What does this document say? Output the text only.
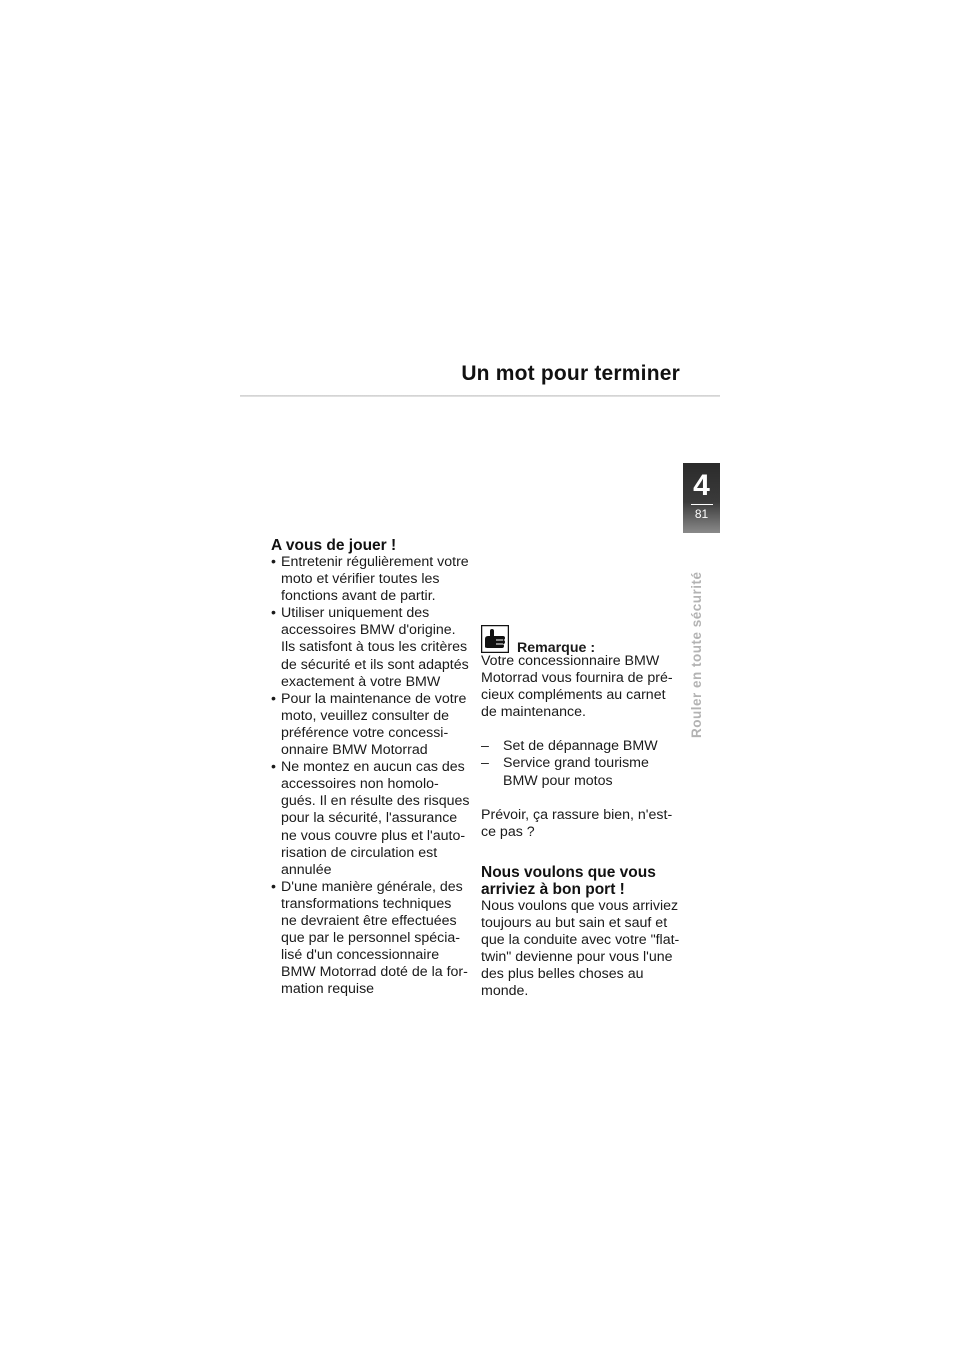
Un mot pour terminer
4
81
Rouler en toute sécurité
A vous de jouer !
• Entretenir régulièrement votre moto et vérifier toutes les fonctions avant de partir.
• Utiliser uniquement des accessoires BMW d'origine. Ils satisfont à tous les critères de sécurité et ils sont adaptés exactement à votre BMW
• Pour la maintenance de votre moto, veuillez consulter de préférence votre concessi-onnaire BMW Motorrad
• Ne montez en aucun cas des accessoires non homolo-gués. Il en résulte des risques pour la sécurité, l'assurance ne vous couvre plus et l'auto-risation de circulation est annulée
• D'une manière générale, des transformations techniques ne devraient être effectuées que par le personnel spécia-lisé d'un concessionnaire BMW Motorrad doté de la for-mation requise
Remarque :

Votre concessionnaire BMW Motorrad vous fournira de pré-cieux compléments au carnet de maintenance.

– Set de dépannage BMW
– Service grand tourisme BMW pour motos

Prévoir, ça rassure bien, n'est-ce pas ?

Nous voulons que vous arriviez à bon port !

Nous voulons que vous arriviez toujours au but sain et sauf et que la conduite avec votre "flat-twin" devienne pour vous l'une des plus belles choses au monde.
